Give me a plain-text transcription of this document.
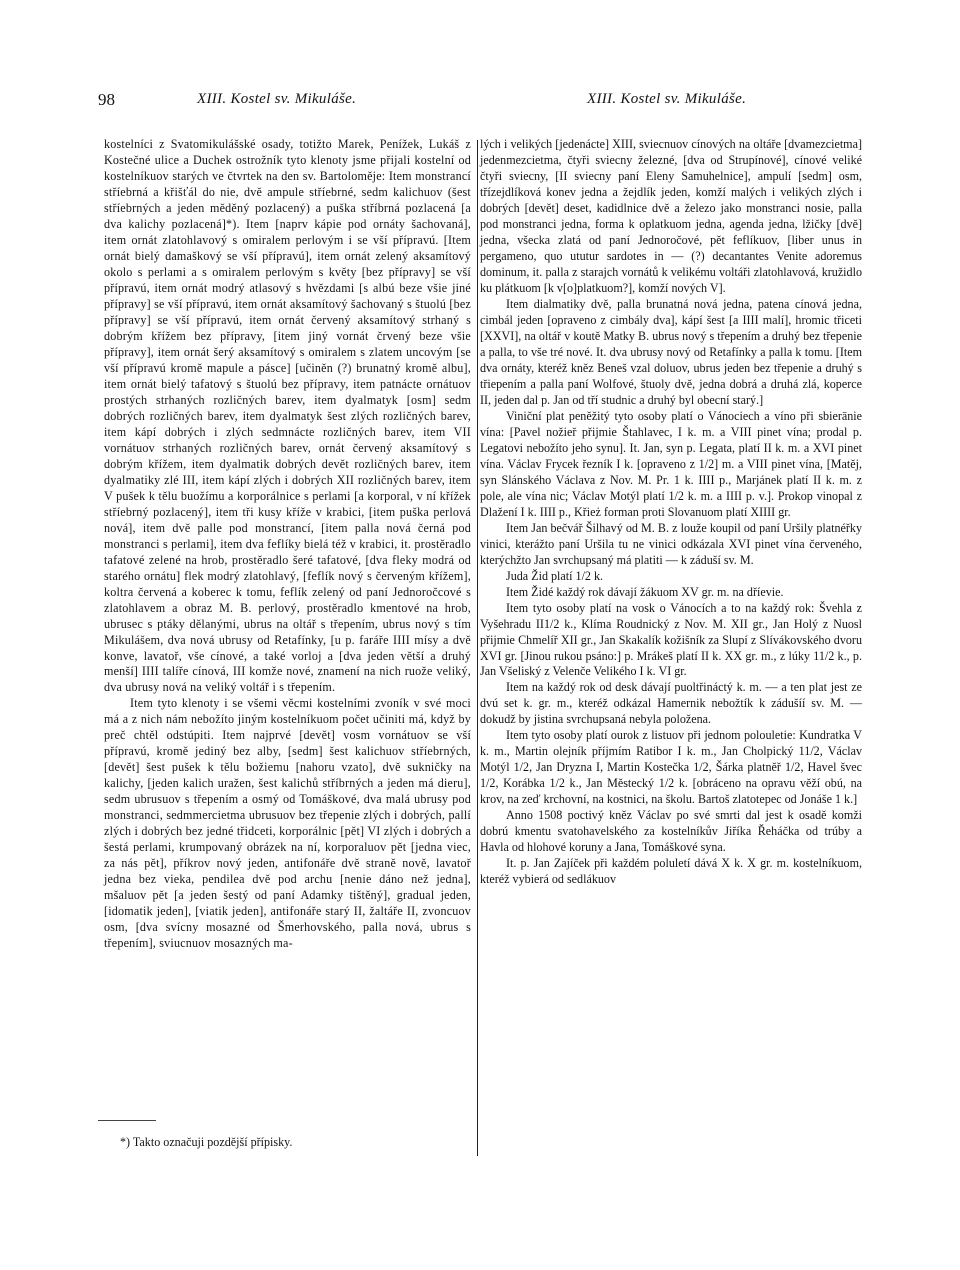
98	XIII. Kostel sv. Mikuláše.	XIII. Kostel sv. Mikuláše.

kostelníci z Svatomikulášské osady, totižto Marek, Penížek, Lukáš z Kostečné ulice a Duchek ostrožník tyto klenoty jsme přijali kostelní od kostelníkuov starých ve čtvrtek na den sv. Bartoloměje: Item monstrancí stříebrná a křišťál do nie, dvě ampule stříebrné, sedm kalichuov (šest stříebrných a jeden měděný pozlacený) a puška stříbrná pozlacená [a dva kalichy pozlacená]*). Item [naprv kápie pod ornáty šachovaná], item ornát zlatohlavový s omiralem perlovým i se vší přípravú. [Item ornát bielý damaškový se vší přípravú], item ornát zelený aksamítový okolo s perlami a s omiralem perlovým s květy [bez přípravy] se vší přípravú, item ornát modrý atlasový s hvězdami [s albú beze všie jiné přípravy] se vší přípravú, item ornát aksamítový šachovaný s štuolú [bez přípravy] se vší přípravú, item ornát červený aksamítový strhaný s dobrým křížem bez přípravy, [item jiný vornát črvený beze všie přípravy], item ornát šerý aksamítový s omiralem s zlatem uncovým [se vší přípravú kromě mapule a pásce] [učiněn (?) brunatný kromě albu], item ornát bielý tafatový s štuolú bez přípravy, item patnácte ornátuov prostých strhaných rozličných barev, item dyalmatyk [osm] sedm dobrých rozličných barev, item dyalmatyk šest zlých rozličných barev, item kápí dobrých i zlých sedmnácte rozličných barev, item VII vornátuov strhaných rozličných barev, ornát červený aksamítový s dobrým křížem, item dyalmatik dobrých devět rozličných barev, item dyalmatiky zlé III, item kápí zlých i dobrých XII rozličných barev, item V pušek k tělu buožímu a korporálnice s perlami [a korporal, v ní křížek stříebrný pozlacený], item tři kusy kříže v krabici, [item puška perlová nová], item dvě palle pod monstrancí, [item palla nová černá pod monstranci s perlami], item dva feflíky bielá též v krabici, it. prostěradlo tafatové zelené na hrob, prostěradlo šeré tafatové, [dva fleky modrá od starého ornátu] flek modrý zlatohlavý, [feflík nový s červeným křížem], koltra červená a koberec k tomu, feflík zelený od paní Jednoročcové s zlatohlavem a obraz M. B. perlový, prostěradlo kmentové na hrob, ubrusec s ptáky dělanými, ubrus na oltář s třepením, ubrus nový s tím Mikulášem, dva nová ubrusy od Retafínky, [u p. faráře IIII mísy a dvě konve, lavatoř, vše cínové, a také vorloj a [dva jeden větší a druhý menší] IIII talíře cínová, III komže nové, znamení na nich ruože veliký, dva ubrusy nová na veliký voltář i s třepením.

Item tyto klenoty i se všemi věcmi kostelními zvoník v své moci má a z nich nám nebožíto jiným kostelníkuom počet učiniti má, když by preč chtěl odstúpiti. Item najprvé [devět] vosm vornátuov se vší přípravú, kromě jediný bez alby, [sedm] šest kalichuov stříebrných, [devět] šest pušek k tělu božiemu [nahoru vzato], dvě sukničky na kalichy, [jeden kalich uražen, šest kalichů stříbrných a jeden má dieru], sedm ubrusuov s třepením a osmý od Tomáškové, dva malá ubrusy pod monstranci, sedmmercietma ubrusuov bez třepenie zlých i dobrých, pallí zlých i dobrých bez jedné třidceti, korporálnic [pět] VI zlých i dobrých a šestá perlami, krumpovaný obrázek na ní, korporaluov pět [jedna viec, za nás pět], příkrov nový jeden, antifonáře dvě straně nově, lavatoř jedna bez vieka, pendilea dvě pod archu [nenie dáno než jedna], mšaluov pět [a jeden šestý od paní Adamky tištěný], gradual jeden, [idomatik jeden], [viatik jeden], antifonáře starý II, žaltáře II, zvoncuov osm, [dva svícny mosazné od Šmerhovského, palla nová, ubrus s třepením], sviucnuov mosazných ma-

lých i velikých [jedenácte] XIII, sviecnuov cínových na oltáře [dvamezcietma] jedenmezcietma, čtyři sviecny železné, [dva od Strupínové], cínové veliké čtyři sviecny, [II sviecny paní Eleny Samuhelnice], ampulí [sedm] osm, třízejdlíková konev jedna a žejdlík jeden, komží malých i velikých zlých i dobrých [devět] deset, kadidlnice dvě a železo jako monstranci nosie, palla pod monstranci jedna, forma k oplatkuom jedna, agenda jedna, lžičky [dvě] jedna, všecka zlatá od paní Jednoročové, pět feflíkuov, [liber unus in pergameno, quo ututur sardotes in — (?) decantantes Venite adoremus dominum, it. palla z starajch vornátů k velikému voltáři zlatohlavová, kružidlo ku plátkuom [k v[o]platkuom?], komží nových V].

Item dialmatiky dvě, palla brunatná nová jedna, patena cínová jedna, cimbál jeden [opraveno z cimbály dva], kápí šest [a IIII malí], hromic třiceti [XXVI], na oltář v koutě Matky B. ubrus nový s třepením a druhý bez třepenie a palla, to vše tré nové. It. dva ubrusy nový od Retafínky a palla k tomu. [Item dva ornáty, kteréž kněz Beneš vzal doluov, ubrus jeden bez třepenie a druhý s třiepením a palla paní Wolfové, štuoly dvě, jedna dobrá a druhá zlá, koperce II, jeden dal p. Jan od tří studnic a druhý byl obecní starý.]

Viniční plat peněžitý tyto osoby platí o Vánociech a víno při sbierānie vína: [Pavel nožieř přijmie Štahlavec, I k. m. a VIII pinet vína; prodal p. Legatovi nebožíto jeho synu]. It. Jan, syn p. Legata, platí II k. m. a XVI pinet vína. Václav Frycek řezník I k. [opraveno z 1/2] m. a VIII pinet vína, [Matěj, syn Slánského Václava z Nov. M. Pr. 1 k. IIII p., Marjánek platí II k. m. z pole, ale vína nic; Václav Motýl platí 1/2 k. m. a IIII p. v.]. Prokop vinopal z Dlažení I k. IIII p., Křież forman proti Slovanuom platí XIIII gr.

Item Jan bečvář Šilhavý od M. B. z louže koupil od paní Uršily platnéřky vinici, kterážto paní Uršila tu ne vinici odkázala XVI pinet vína červeného, kterýchžto Jan svrchupsaný má platiti — k záduší sv. M.

Juda Žid platí 1/2 k.

Item Židé každý rok dávají žákuom XV gr. m. na dříevie.

Item tyto osoby platí na vosk o Vánocích a to na každý rok: Švehla z Vyšehradu II1/2 k., Klíma Roudnický z Nov. M. XII gr., Jan Holý z Nuosl přijmie Chmelíř XII gr., Jan Skakalík kožišník za Slupí z Slívákovského dvoru XVI gr. [Jinou rukou psáno:] p. Mrákeš platí II k. XX gr. m., z lúky 11/2 k., p. Jan Všeliský z Velenče Velikého I k. VI gr.

Item na každý rok od desk dávají puoltřináctý k. m. — a ten plat jest ze dvú set k. gr. m., kteréž odkázal Hamernik nebožtík k zádušíí sv. M. — dokudž by jistina svrchupsaná nebyla položena.

Item tyto osoby platí ourok z listuov při jednom polouletie: Kundratka V k. m., Martin olejník příjmím Ratibor I k. m., Jan Cholpický 11/2, Václav Motýl 1/2, Jan Dryzna I, Martin Kostečka 1/2, Šárka platněř 1/2, Havel švec 1/2, Korábka 1/2 k., Jan Městecký 1/2 k. [obráceno na opravu věží obú, na krov, na zeď krchovní, na kostnici, na školu. Bartoš zlatotepec od Jonáše 1 k.]

Anno 1508 poctivý kněz Václav po své smrti dal jest k osadě komži dobrú kmentu svatohavelského za kostelníkův Jiříka Řeháčka od trúby a Havla od hlohové koruny a Jana, Tomáškové syna.

It. p. Jan Zajíček při každém poluletí dává X k. X gr. m. kostelníkuom, kteréž vybierá od sedlákuov

*) Takto označuji pozdější přípisky.
